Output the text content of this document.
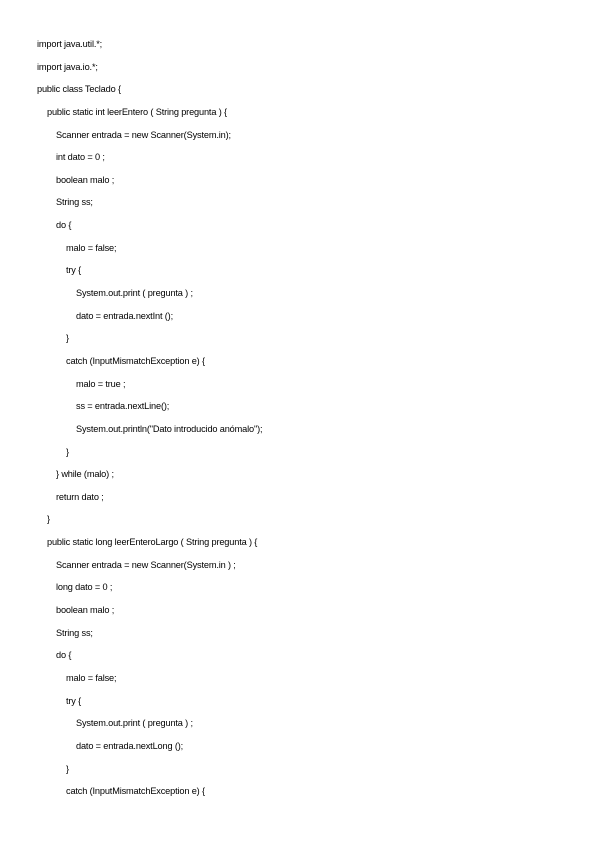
import java.util.*;
import java.io.*;
public class Teclado {
public static int leerEntero ( String pregunta ) {
Scanner entrada = new Scanner(System.in);
int dato = 0 ;
boolean malo ;
String ss;
do {
malo = false;
try {
System.out.print ( pregunta ) ;
dato = entrada.nextInt ();
}
catch (InputMismatchException e) {
malo = true ;
ss = entrada.nextLine();
System.out.println("Dato introducido anómalo");
}
} while (malo) ;
return dato ;
}
public static long leerEnteroLargo ( String pregunta ) {
Scanner entrada = new Scanner(System.in ) ;
long dato = 0 ;
boolean malo ;
String ss;
do {
malo = false;
try {
System.out.print ( pregunta ) ;
dato = entrada.nextLong ();
}
catch (InputMismatchException e) {
